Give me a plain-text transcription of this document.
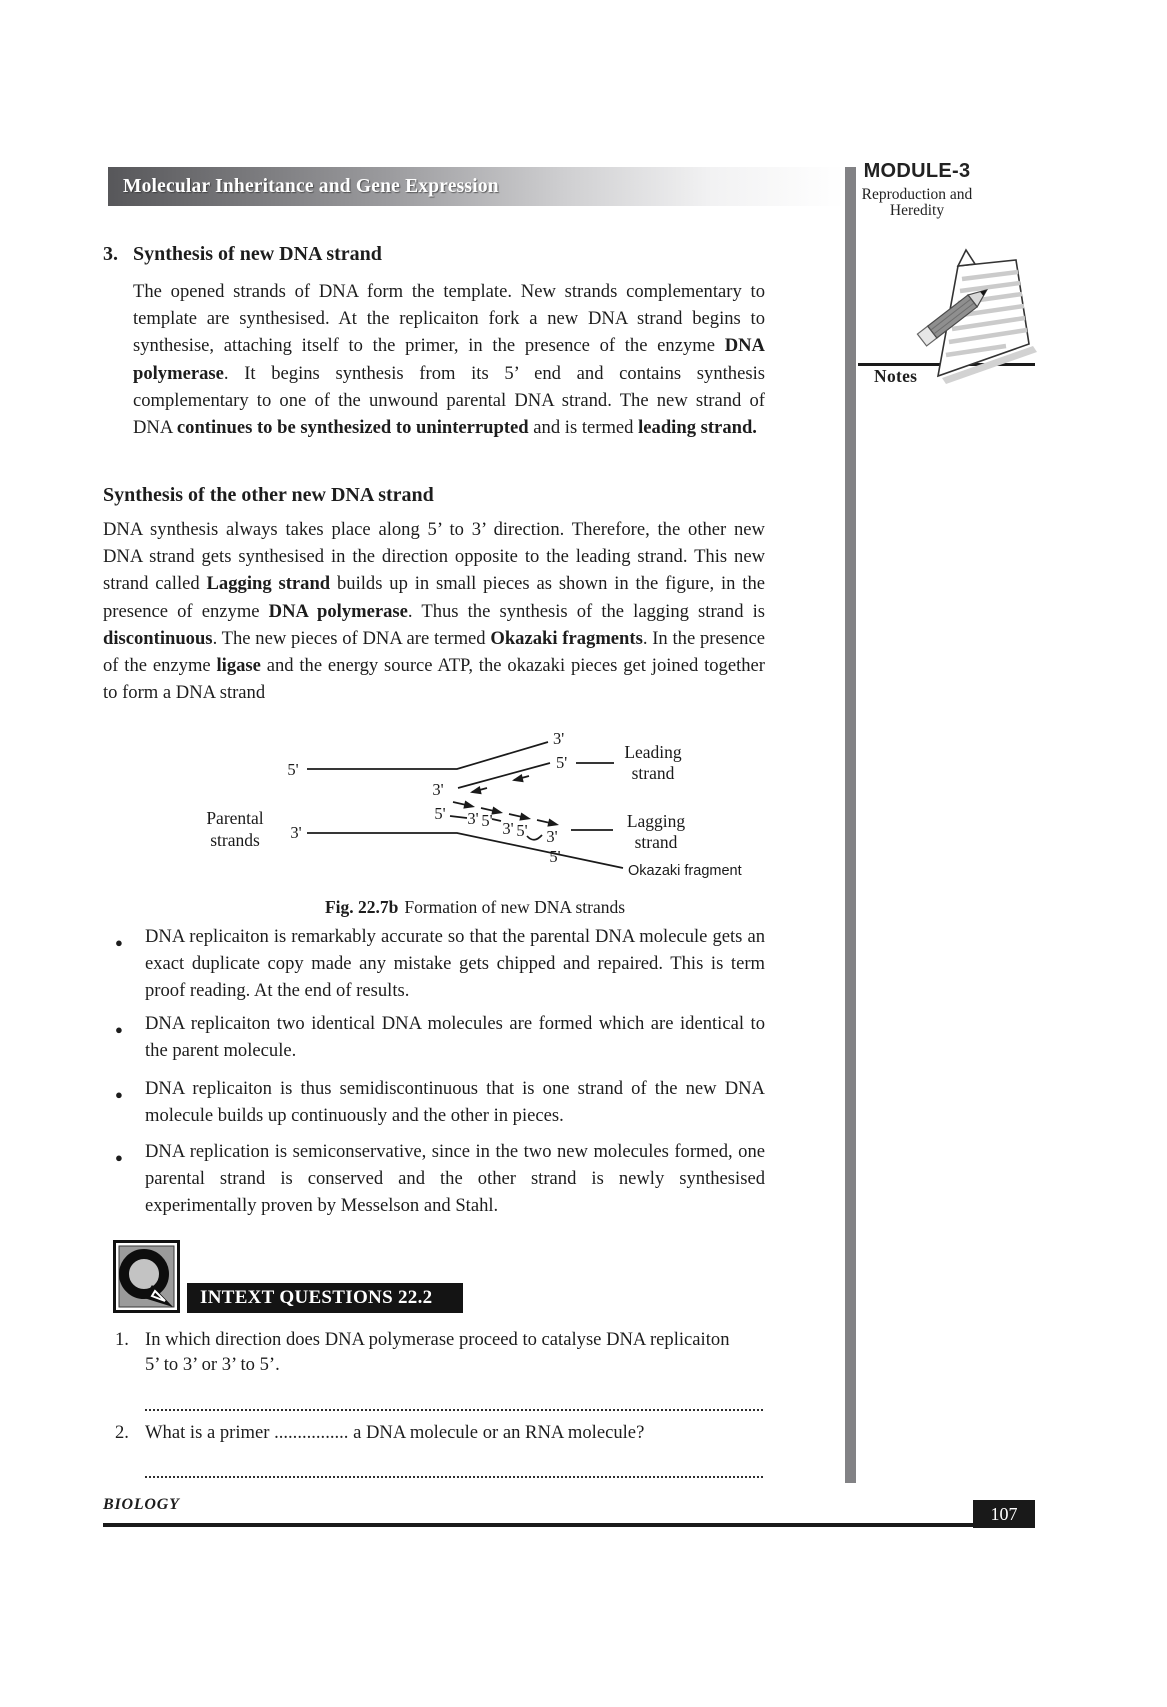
Molecular Inheritance and Gene Expression
MODULE-3
Reproduction and
Heredity
Notes
3. Synthesis of new DNA strand
The opened strands of DNA form the template. New strands complementary to template are synthesised. At the replicaiton fork a new DNA strand begins to synthesise, attaching itself to the primer, in the presence of the enzyme DNA polymerase. It begins synthesis from its 5’ end and contains synthesis complementary to one of the unwound parental DNA strand. The new strand of DNA continues to be synthesized to uninterrupted and is termed leading strand.
Synthesis of the other new DNA strand
DNA synthesis always takes place along 5’ to 3’ direction. Therefore, the other new DNA strand gets synthesised in the direction opposite to the leading strand. This new strand called Lagging strand builds up in small pieces as shown in the figure, in the presence of enzyme DNA polymerase. Thus the synthesis of the lagging strand is discontinuous. The new pieces of DNA are termed Okazaki fragments. In the presence of the enzyme ligase and the energy source ATP, the okazaki pieces get joined together to form a DNA strand
5'
3'
3'
5'
3'
5' 3' 5' 3' 5' 3'
5'
Parental
strands
Leading
strand
Lagging
strand
Okazaki fragment
Fig. 22.7b Formation of new DNA strands
● DNA replicaiton is remarkably accurate so that the parental DNA molecule gets an exact duplicate copy made any mistake gets chipped and repaired. This is term proof reading. At the end of results.
● DNA replicaiton two identical DNA molecules are formed which are identical to the parent molecule.
● DNA replicaiton is thus semidiscontinuous that is one strand of the new DNA molecule builds up continuously and the other in pieces.
● DNA replication is semiconservative, since in the two new molecules formed, one parental strand is conserved and the other strand is newly synthesised experimentally proven by Messelson and Stahl.
INTEXT QUESTIONS 22.2
1. In which direction does DNA polymerase proceed to catalyse DNA replicaiton
5’ to 3’ or 3’ to 5’.
2. What is a primer ................ a DNA molecule or an RNA molecule?
BIOLOGY	107
